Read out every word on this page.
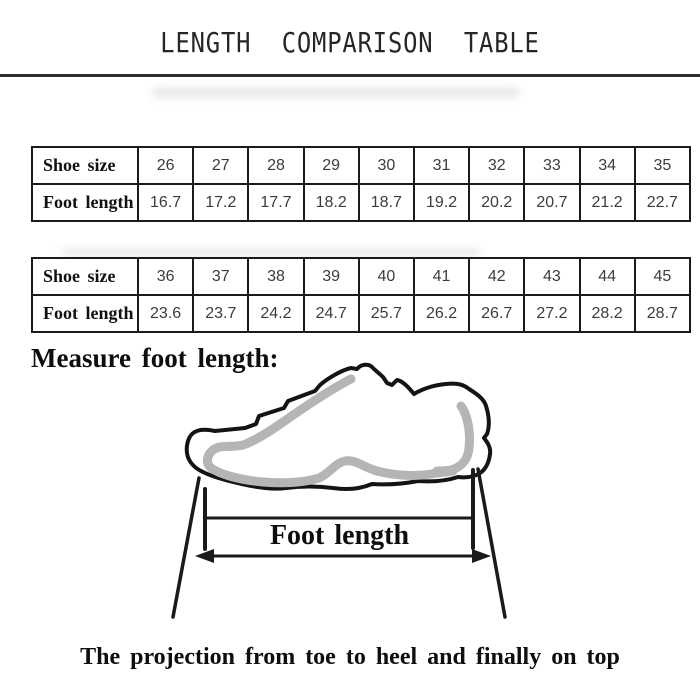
LENGTH  COMPARISON  TABLE
Shoe size	26	27	28	29	30	31	32	33	34	35
Foot length	16.7	17.2	17.7	18.2	18.7	19.2	20.2	20.7	21.2	22.7
Shoe size	36	37	38	39	40	41	42	43	44	45
Foot length	23.6	23.7	24.2	24.7	25.7	26.2	26.7	27.2	28.2	28.7
Measure foot length:
Foot length

The projection from toe to heel and finally on top
